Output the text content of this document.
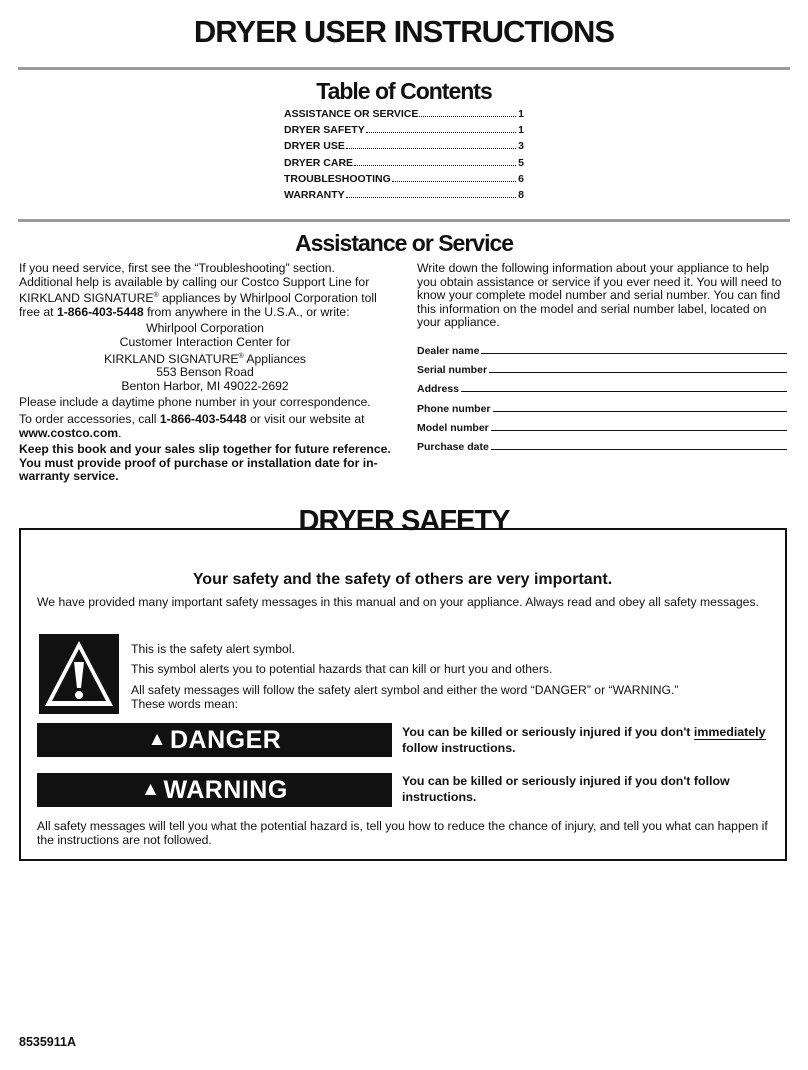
DRYER USER INSTRUCTIONS
Table of Contents
ASSISTANCE OR SERVICE	1
DRYER SAFETY	1
DRYER USE	3
DRYER CARE	5
TROUBLESHOOTING	6
WARRANTY	8
Assistance or Service
If you need service, first see the “Troubleshooting” section. Additional help is available by calling our Costco Support Line for KIRKLAND SIGNATURE® appliances by Whirlpool Corporation toll free at 1-866-403-5448 from anywhere in the U.S.A., or write:
Whirlpool Corporation
Customer Interaction Center for
KIRKLAND SIGNATURE® Appliances
553 Benson Road
Benton Harbor, MI 49022-2692
Please include a daytime phone number in your correspondence.
To order accessories, call 1-866-403-5448 or visit our website at www.costco.com.
Keep this book and your sales slip together for future reference. You must provide proof of purchase or installation date for in-warranty service.
Write down the following information about your appliance to help you obtain assistance or service if you ever need it. You will need to know your complete model number and serial number. You can find this information on the model and serial number label, located on your appliance.
Dealer name
Serial number
Address
Phone number
Model number
Purchase date
DRYER SAFETY
Your safety and the safety of others are very important.
We have provided many important safety messages in this manual and on your appliance. Always read and obey all safety messages.
This is the safety alert symbol.
This symbol alerts you to potential hazards that can kill or hurt you and others.
All safety messages will follow the safety alert symbol and either the word “DANGER” or “WARNING.”
These words mean:
▲ DANGER	You can be killed or seriously injured if you don't immediately
follow instructions.
▲ WARNING	You can be killed or seriously injured if you don't follow instructions.
All safety messages will tell you what the potential hazard is, tell you how to reduce the chance of injury, and tell you what can happen if the instructions are not followed.
8535911A
